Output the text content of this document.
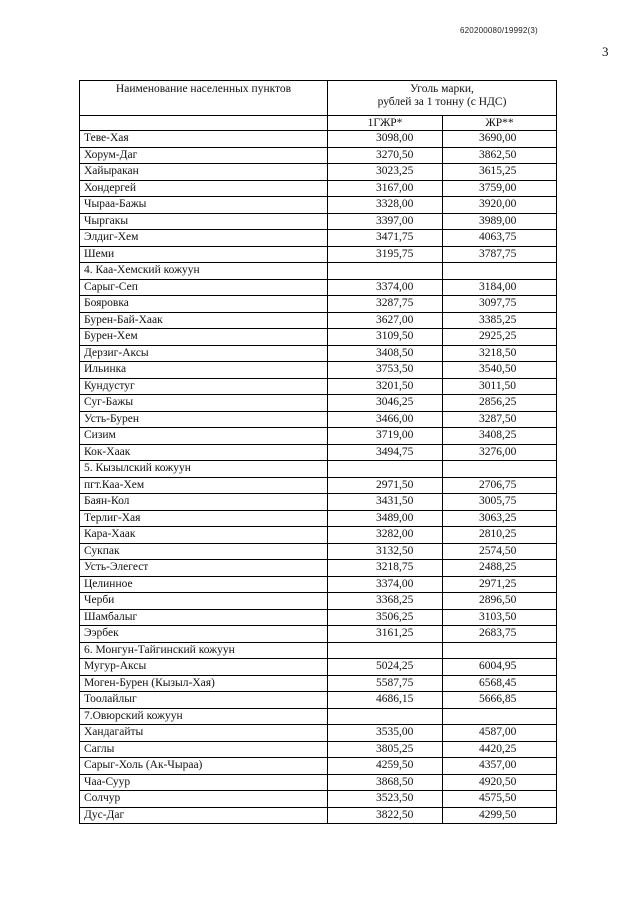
620200080/19992(3)
3
Наименование населенных пунктов	Уголь марки,
рублей за 1 тонну (с НДС)	

	1ГЖР*	ЖР**
Теве-Хая	3098,00	3690,00
Хорум-Даг	3270,50	3862,50
Хайыракан	3023,25	3615,25
Хондергей	3167,00	3759,00
Чыраа-Бажы	3328,00	3920,00
Чыргакы	3397,00	3989,00
Элдиг-Хем	3471,75	4063,75
Шеми	3195,75	3787,75
4. Каа-Хемский кожуун		
Сарыг-Сеп	3374,00	3184,00
Бояровка	3287,75	3097,75
Бурен-Бай-Хаак	3627,00	3385,25
Бурен-Хем	3109,50	2925,25
Дерзиг-Аксы	3408,50	3218,50
Ильинка	3753,50	3540,50
Кундустуг	3201,50	3011,50
Суг-Бажы	3046,25	2856,25
Усть-Бурен	3466,00	3287,50
Сизим	3719,00	3408,25
Кок-Хаак	3494,75	3276,00
5. Кызылский кожуун		
пгт.Каа-Хем	2971,50	2706,75
Баян-Кол	3431,50	3005,75
Терлиг-Хая	3489,00	3063,25
Кара-Хаак	3282,00	2810,25
Сукпак	3132,50	2574,50
Усть-Элегест	3218,75	2488,25
Целинное	3374,00	2971,25
Черби	3368,25	2896,50
Шамбалыг	3506,25	3103,50
Ээрбек	3161,25	2683,75
6. Монгун-Тайгинский кожуун		
Мугур-Аксы	5024,25	6004,95
Моген-Бурен (Кызыл-Хая)	5587,75	6568,45
Тоолайлыг	4686,15	5666,85
7.Овюрский кожуун		
Хандагайты	3535,00	4587,00
Саглы	3805,25	4420,25
Сарыг-Холь (Ак-Чыраа)	4259,50	4357,00
Чаа-Суур	3868,50	4920,50
Солчур	3523,50	4575,50
Дус-Даг	3822,50	4299,50
